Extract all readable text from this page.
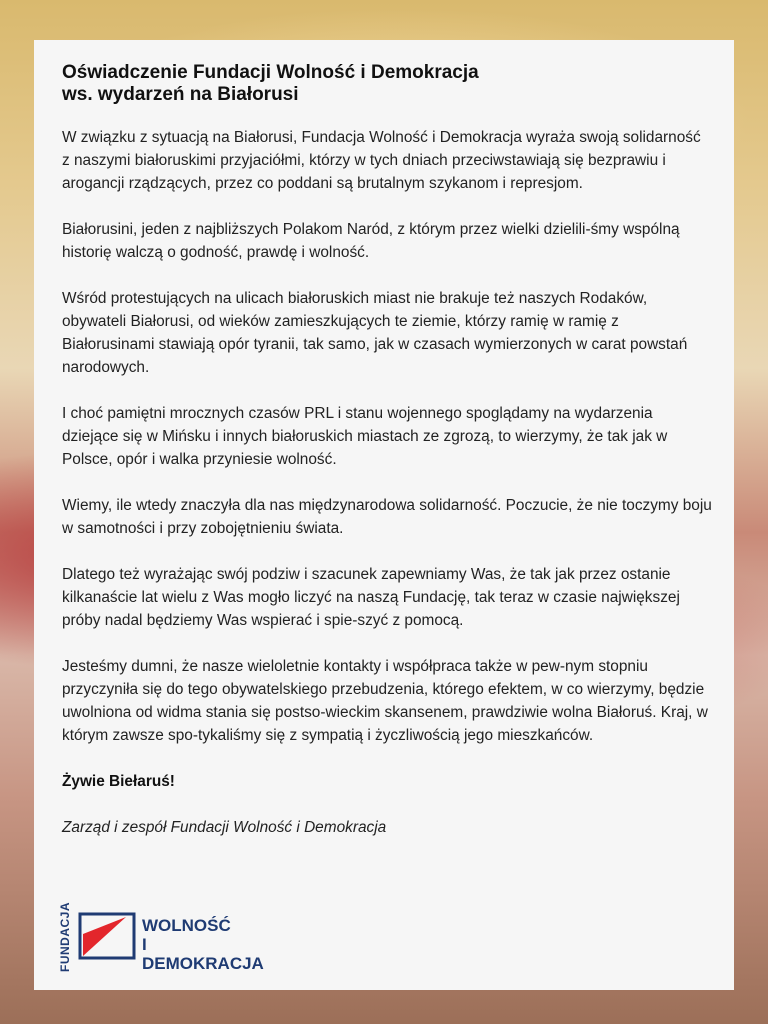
Oświadczenie Fundacji Wolność i Demokracja
ws. wydarzeń na Białorusi

W związku z sytuacją na Białorusi, Fundacja Wolność i Demokracja wyraża swoją solidarność z naszymi białoruskimi przyjaciółmi, którzy w tych dniach przeciwstawiają się bezprawiu i arogancji rządzących, przez co poddani są brutalnym szykanom i represjom.

Białorusini, jeden z najbliższych Polakom Naród, z którym przez wielki dzielili-śmy wspólną historię walczą o godność, prawdę i wolność.

Wśród protestujących na ulicach białoruskich miast nie brakuje też naszych Rodaków, obywateli Białorusi, od wieków zamieszkujących te ziemie, którzy ramię w ramię z Białorusinami stawiają opór tyranii, tak samo, jak w czasach wymierzonych w carat powstań narodowych.

I choć pamiętni mrocznych czasów PRL i stanu wojennego spoglądamy na wydarzenia dziejące się w Mińsku i innych białoruskich miastach ze zgrozą, to wierzymy, że tak jak w Polsce, opór i walka przyniesie wolność.

Wiemy, ile wtedy znaczyła dla nas międzynarodowa solidarność. Poczucie, że nie toczymy boju w samotności i przy zobojętnieniu świata.

Dlatego też wyrażając swój podziw i szacunek zapewniamy Was, że tak jak przez ostanie kilkanaście lat wielu z Was mogło liczyć na naszą Fundację, tak teraz w czasie największej próby nadal będziemy Was wspierać i spie-szyć z pomocą.

Jesteśmy dumni, że nasze wieloletnie kontakty i współpraca także w pew-nym stopniu przyczyniła się do tego obywatelskiego przebudzenia, którego efektem, w co wierzymy, będzie uwolniona od widma stania się postso-wieckim skansenem, prawdziwie wolna Białoruś. Kraj, w którym zawsze spo-tykaliśmy się z sympatią i życzliwością jego mieszkańców.

Żywie Biełaruś!

Zarząd i zespół Fundacji Wolność i Demokracja

FUNDACJA	WOLNOŚĆ
I DEMOKRACJA
